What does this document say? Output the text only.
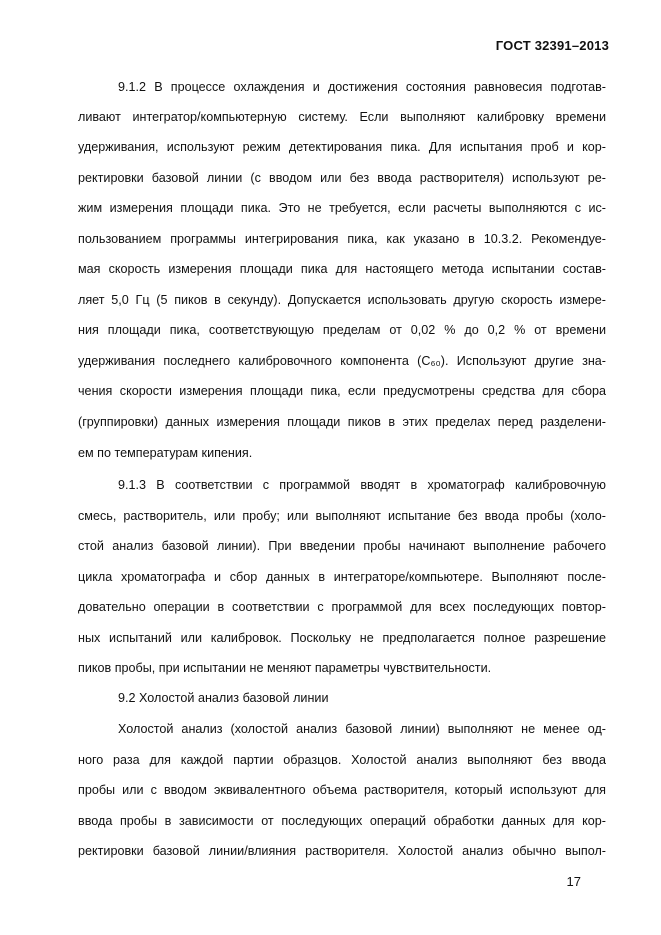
ГОСТ 32391–2013
9.1.2 В процессе охлаждения и достижения состояния равновесия подготав-
ливают интегратор/компьютерную систему. Если выполняют калибровку времени
удерживания, используют режим детектирования пика. Для испытания проб и кор-
ректировки базовой линии (с вводом или без ввода растворителя) используют ре-
жим измерения площади пика. Это не требуется, если расчеты выполняются с ис-
пользованием программы интегрирования пика, как указано в 10.3.2. Рекомендуе-
мая скорость измерения площади пика для настоящего метода испытании состав-
ляет 5,0 Гц (5 пиков в секунду). Допускается использовать другую скорость измере-
ния площади пика, соответствующую пределам от 0,02 % до 0,2 % от времени
удерживания последнего калибровочного компонента (C₆₀). Используют другие зна-
чения скорости измерения площади пика, если предусмотрены средства для сбора
(группировки) данных измерения площади пиков в этих пределах перед разделени-
ем по температурам кипения.
9.1.3 В соответствии с программой вводят в хроматограф калибровочную
смесь, растворитель, или пробу; или выполняют испытание без ввода пробы (холо-
стой анализ базовой линии). При введении пробы начинают выполнение рабочего
цикла хроматографа и сбор данных в интеграторе/компьютере. Выполняют после-
довательно операции в соответствии с программой для всех последующих повтор-
ных испытаний или калибровок. Поскольку не предполагается полное разрешение
пиков пробы, при испытании не меняют параметры чувствительности.
9.2 Холостой анализ базовой линии
Холостой анализ (холостой анализ базовой линии) выполняют не менее од-
ного раза для каждой партии образцов. Холостой анализ выполняют без ввода
пробы или с вводом эквивалентного объема растворителя, который используют для
ввода пробы в зависимости от последующих операций обработки данных для кор-
ректировки базовой линии/влияния растворителя. Холостой анализ обычно выпол-
17
